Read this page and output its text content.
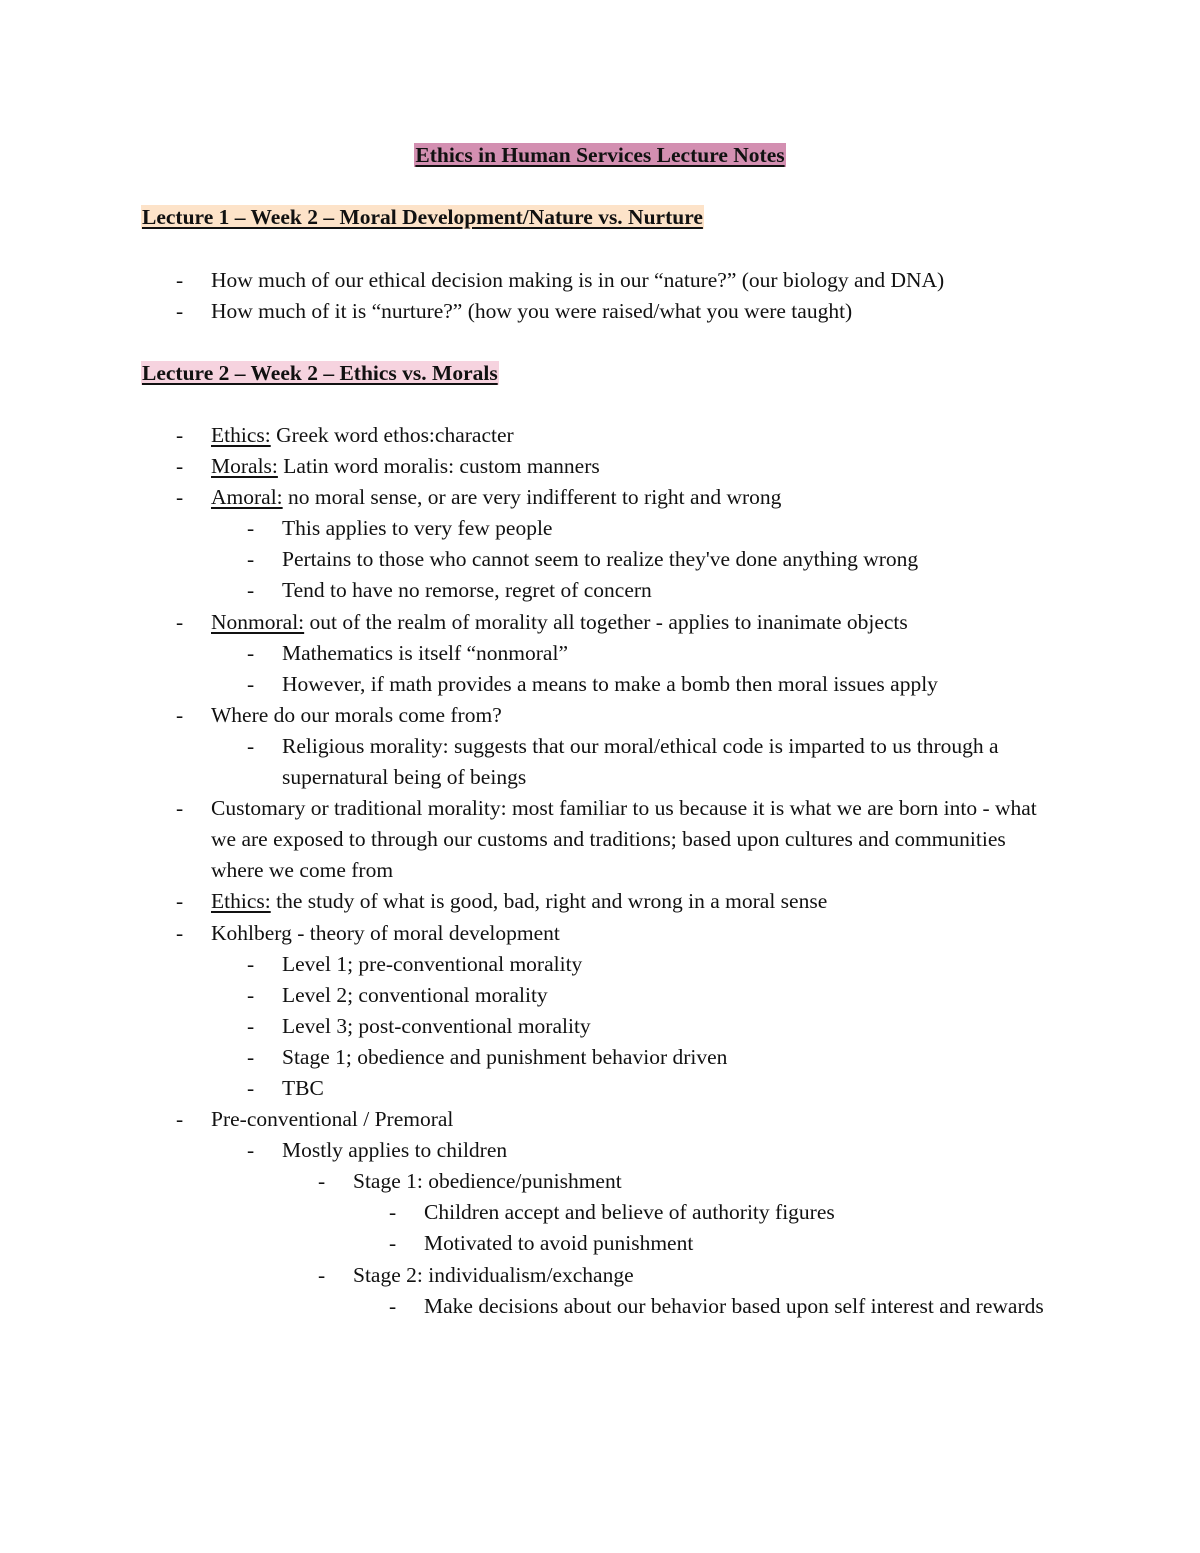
Ethics in Human Services Lecture Notes
Lecture 1 – Week 2 – Moral Development/Nature vs. Nurture
- How much of our ethical decision making is in our “nature?” (our biology and DNA)
- How much of it is “nurture?” (how you were raised/what you were taught)
Lecture 2 – Week 2 – Ethics vs. Morals
- Ethics: Greek word ethos:character
- Morals: Latin word moralis: custom manners
- Amoral: no moral sense, or are very indifferent to right and wrong
- This applies to very few people
- Pertains to those who cannot seem to realize they've done anything wrong
- Tend to have no remorse, regret of concern
- Nonmoral: out of the realm of morality all together - applies to inanimate objects
- Mathematics is itself “nonmoral”
- However, if math provides a means to make a bomb then moral issues apply
- Where do our morals come from?
- Religious morality: suggests that our moral/ethical code is imparted to us through a supernatural being of beings
- Customary or traditional morality: most familiar to us because it is what we are born into - what we are exposed to through our customs and traditions; based upon cultures and communities where we come from
- Ethics: the study of what is good, bad, right and wrong in a moral sense
- Kohlberg - theory of moral development
- Level 1; pre-conventional morality
- Level 2; conventional morality
- Level 3; post-conventional morality
- Stage 1; obedience and punishment behavior driven
- TBC
- Pre-conventional / Premoral
- Mostly applies to children
- Stage 1: obedience/punishment
- Children accept and believe of authority figures
- Motivated to avoid punishment
- Stage 2: individualism/exchange
- Make decisions about our behavior based upon self interest and rewards
